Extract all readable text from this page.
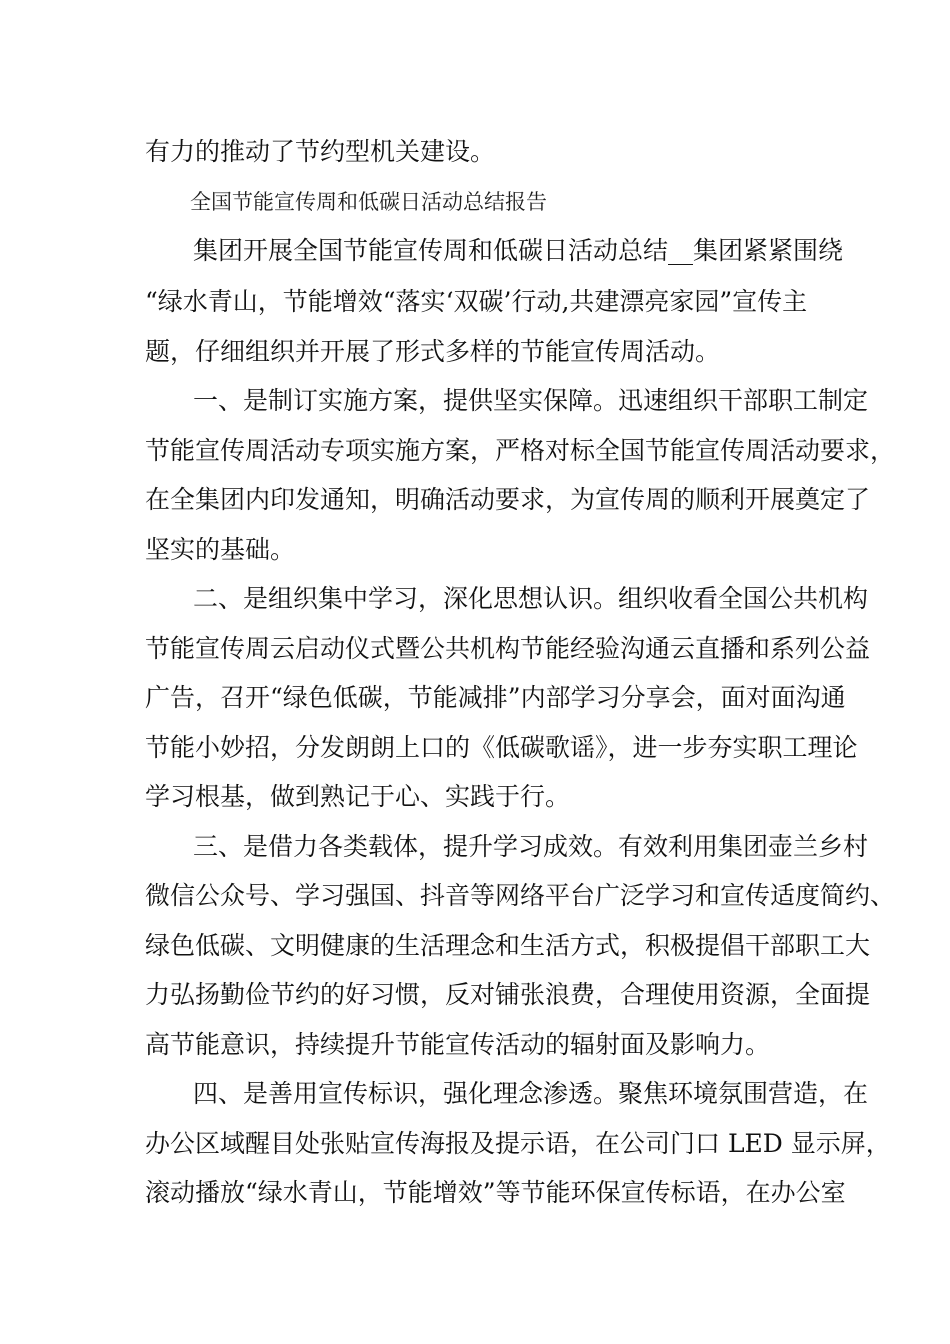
有力的推动了节约型机关建设。
全国节能宣传周和低碳日活动总结报告
集团开展全国节能宣传周和低碳日活动总结__集团紧紧围绕
“绿水青山，节能增效“落实‘双碳’行动,共建漂亮家园”宣传主
题，仔细组织并开展了形式多样的节能宣传周活动。
一、是制订实施方案，提供坚实保障。迅速组织干部职工制定
节能宣传周活动专项实施方案，严格对标全国节能宣传周活动要求，
在全集团内印发通知，明确活动要求，为宣传周的顺利开展奠定了
坚实的基础。
二、是组织集中学习，深化思想认识。组织收看全国公共机构
节能宣传周云启动仪式暨公共机构节能经验沟通云直播和系列公益
广告，召开“绿色低碳，节能减排”内部学习分享会，面对面沟通
节能小妙招，分发朗朗上口的《低碳歌谣》，进一步夯实职工理论
学习根基，做到熟记于心、实践于行。
三、是借力各类载体，提升学习成效。有效利用集团壶兰乡村
微信公众号、学习强国、抖音等网络平台广泛学习和宣传适度简约、
绿色低碳、文明健康的生活理念和生活方式，积极提倡干部职工大
力弘扬勤俭节约的好习惯，反对铺张浪费，合理使用资源，全面提
高节能意识，持续提升节能宣传活动的辐射面及影响力。
四、是善用宣传标识，强化理念渗透。聚焦环境氛围营造，在
办公区域醒目处张贴宣传海报及提示语，在公司门口 LED 显示屏，
滚动播放“绿水青山，节能增效”等节能环保宣传标语，在办公室
